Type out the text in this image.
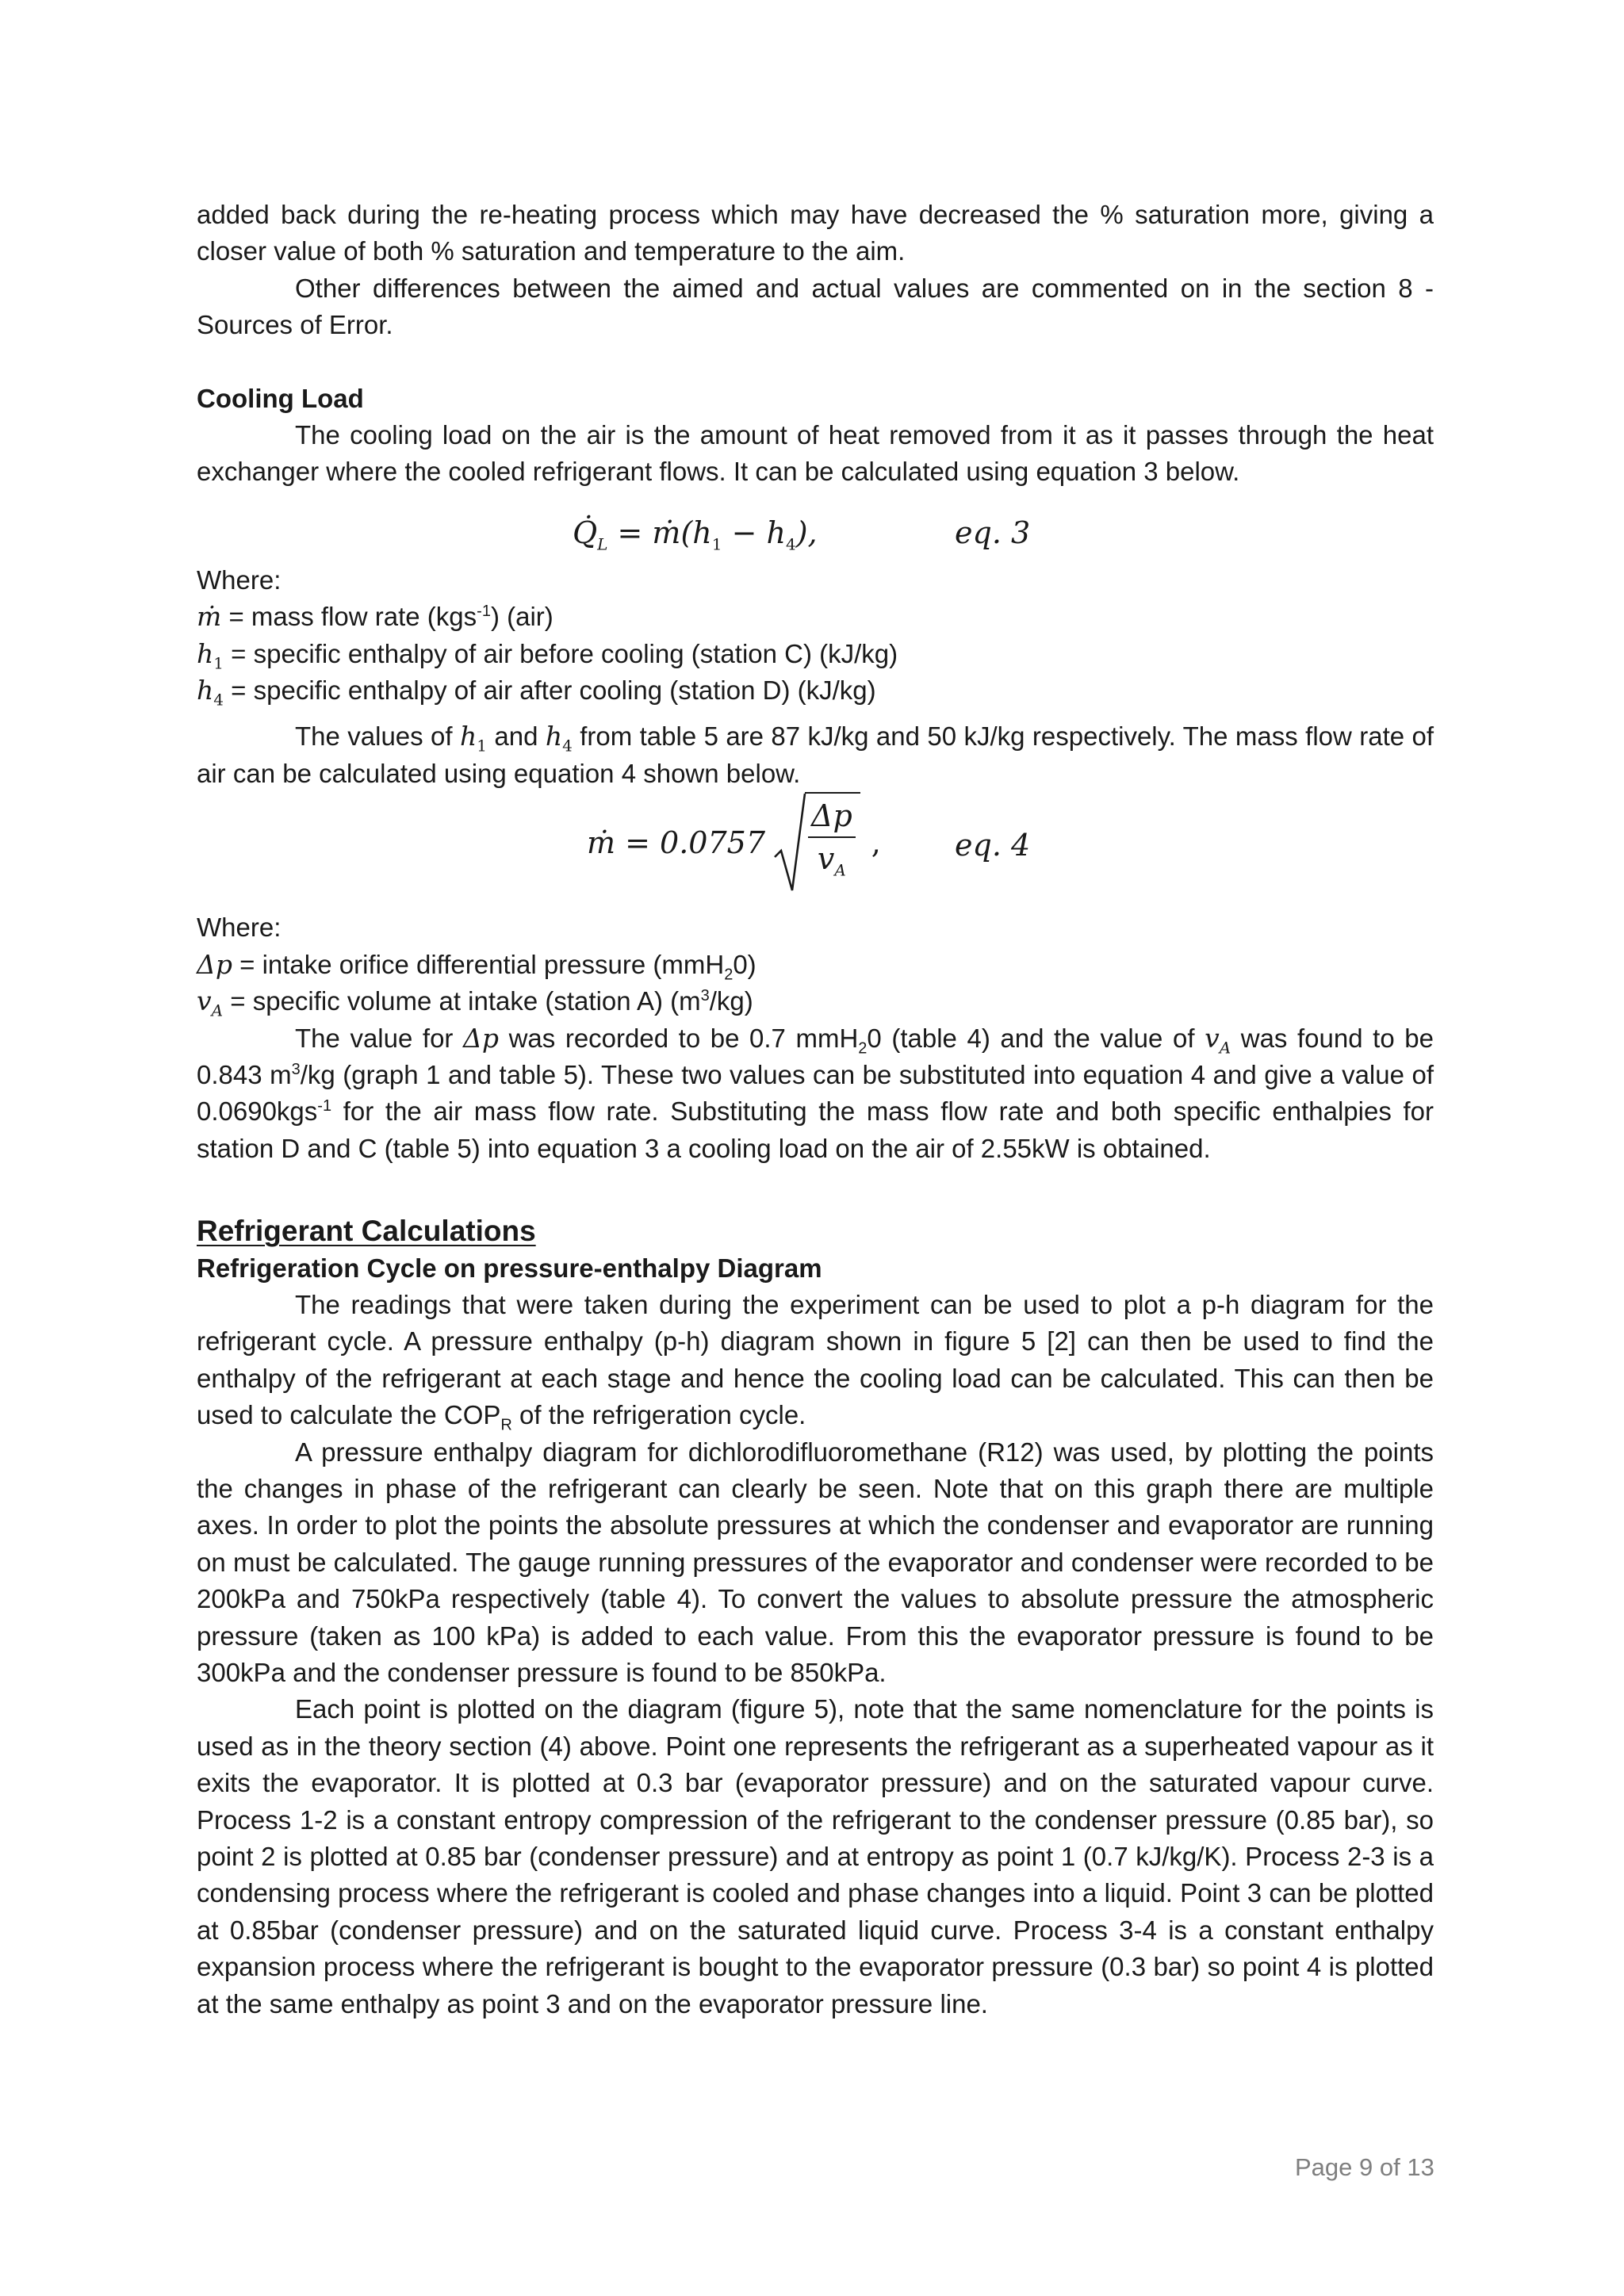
added back during the re-heating process which may have decreased the % saturation more, giving a closer value of both % saturation and temperature to the aim.

Other differences between the aimed and actual values are commented on in the section 8 - Sources of Error.

Cooling Load

The cooling load on the air is the amount of heat removed from it as it passes through the heat exchanger where the cooled refrigerant flows. It can be calculated using equation 3 below.

$Q̇_L$ = $ṁ(h_1 - h_4)$,	eq. 3

Where:

ṁ = mass flow rate (kgs$^{-1}$) (air)

$h_1$ = specific enthalpy of air before cooling (station C) (kJ/kg)

$h_4$ = specific enthalpy of air after cooling (station D) (kJ/kg)

The values of $h_1$ and $h_4$ from table 5 are 87 kJ/kg and 50 kJ/kg respectively. The mass flow rate of air can be calculated using equation 4 shown below.

ṁ = $0.0757 \frac{\Delta p}{v_A}$ , eq. 4

Where:

Δp = intake orifice differential pressure (mmH$_2$0)

$v_A$ = specific volume at intake (station A) $(m^3/kg)$

The value for Δp was recorded to be 0.7 mmH$_2$0 (table 4) and the value of $v_A$ was found to be 0.843 $m^3/kg$ (graph 1 and table 5). These two values can be substituted into equation 4 and give a value of 0.0690kgs$^{-1}$ for the air mass flow rate. Substituting the mass flow rate and both specific enthalpies for station D and C (table 5) into equation 3 a cooling load on the air of 2.55kW is obtained.

Refrigerant Calculations

Refrigeration Cycle on pressure-enthalpy Diagram

The readings that were taken during the experiment can be used to plot a p-h diagram for the refrigerant cycle. A pressure enthalpy (p-h) diagram shown in figure 5 [2] can then be used to find the enthalpy of the refrigerant at each stage and hence the cooling load can be calculated. This can then be used to calculate the $COP_R$ of the refrigeration cycle.

A pressure enthalpy diagram for dichlorodifluoromethane (R12) was used, by plotting the points the changes in phase of the refrigerant can clearly be seen. Note that on this graph there are multiple axes. In order to plot the points the absolute pressures at which the condenser and evaporator are running on must be calculated. The gauge running pressures of the evaporator and condenser were recorded to be 200kPa and 750kPa respectively (table 4). To convert the values to absolute pressure the atmospheric pressure (taken as 100 kPa) is added to each value. From this the evaporator pressure is found to be 300kPa and the condenser pressure is found to be 850kPa.

Each point is plotted on the diagram (figure 5), note that the same nomenclature for the points is used as in the theory section (4) above. Point one represents the refrigerant as a superheated vapour as it exits the evaporator. It is plotted at 0.3 bar (evaporator pressure) and on the saturated vapour curve. Process 1-2 is a constant entropy compression of the refrigerant to the condenser pressure (0.85 bar), so point 2 is plotted at 0.85 bar (condenser pressure) and at entropy as point 1 (0.7 kJ/kg/K). Process 2-3 is a condensing process where the refrigerant is cooled and phase changes into a liquid. Point 3 can be plotted at 0.85bar (condenser pressure) and on the saturated liquid curve. Process 3-4 is a constant enthalpy expansion process where the refrigerant is bought to the evaporator pressure (0.3 bar) so point 4 is plotted at the same enthalpy as point 3 and on the evaporator pressure line.

Page 9 of 13
